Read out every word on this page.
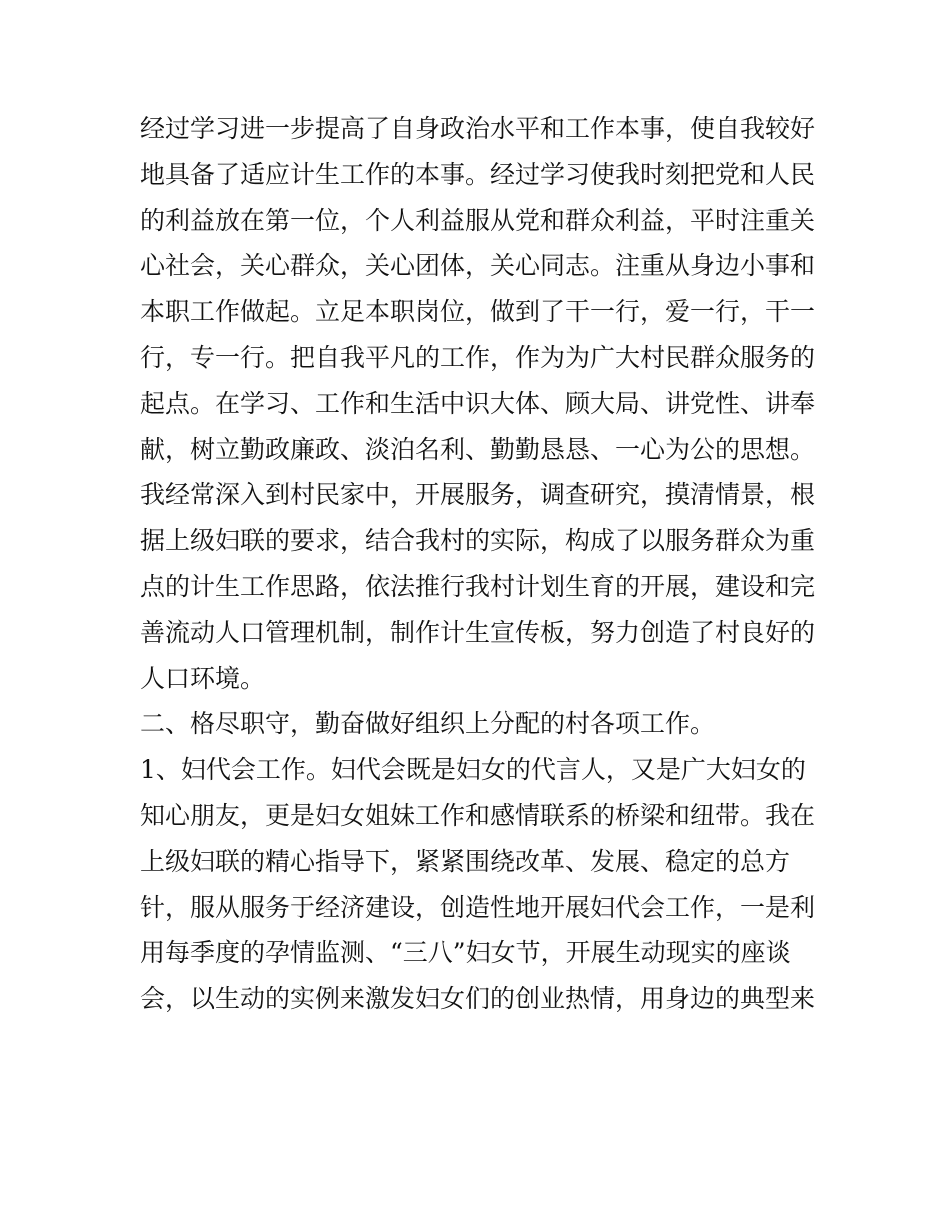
经过学习进一步提高了自身政治水平和工作本事，使自我较好
地具备了适应计生工作的本事。经过学习使我时刻把党和人民
的利益放在第一位，个人利益服从党和群众利益，平时注重关
心社会，关心群众，关心团体，关心同志。注重从身边小事和
本职工作做起。立足本职岗位，做到了干一行，爱一行，干一
行，专一行。把自我平凡的工作，作为为广大村民群众服务的
起点。在学习、工作和生活中识大体、顾大局、讲党性、讲奉
献，树立勤政廉政、淡泊名利、勤勤恳恳、一心为公的思想。
我经常深入到村民家中，开展服务，调查研究，摸清情景，根
据上级妇联的要求，结合我村的实际，构成了以服务群众为重
点的计生工作思路，依法推行我村计划生育的开展，建设和完
善流动人口管理机制，制作计生宣传板，努力创造了村良好的
人口环境。
二、格尽职守，勤奋做好组织上分配的村各项工作。
1、妇代会工作。妇代会既是妇女的代言人，又是广大妇女的
知心朋友，更是妇女姐妹工作和感情联系的桥梁和纽带。我在
上级妇联的精心指导下，紧紧围绕改革、发展、稳定的总方
针，服从服务于经济建设，创造性地开展妇代会工作，一是利
用每季度的孕情监测、“三八”妇女节，开展生动现实的座谈
会，以生动的实例来激发妇女们的创业热情，用身边的典型来
